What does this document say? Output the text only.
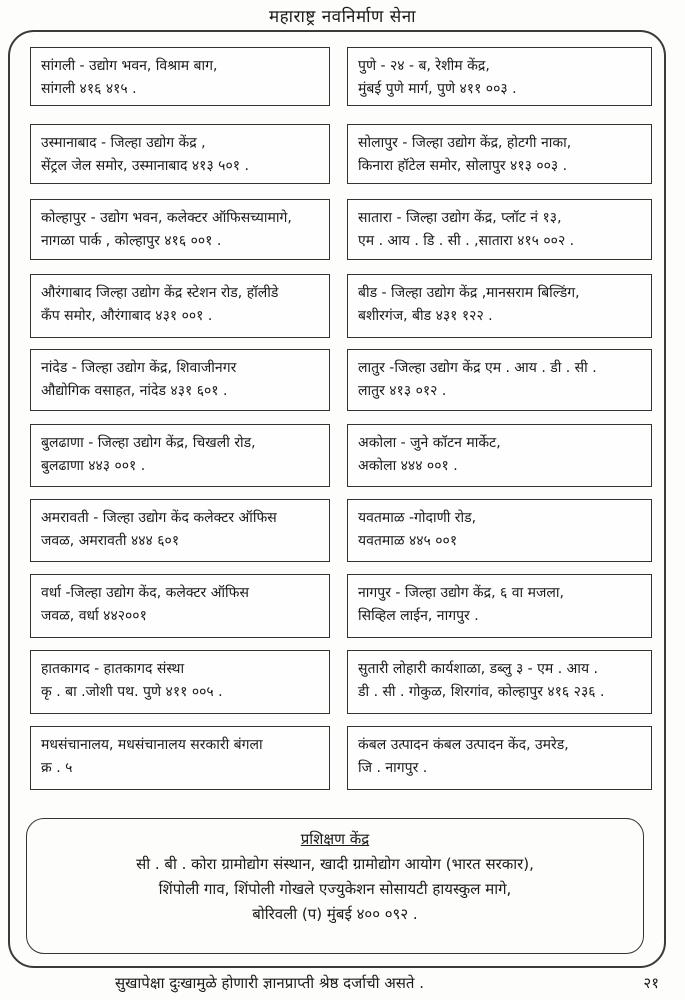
महाराष्ट्र नवनिर्माण सेना
सांगली - उद्योग भवन, विश्राम बाग,
सांगली ४१६ ४१५ .
उस्मानाबाद - जिल्हा उद्योग केंद्र ,
सेंट्रल जेल समोर, उस्मानाबाद ४१३ ५०१ .
कोल्हापुर - उद्योग भवन, कलेक्टर ऑफिसच्यामागे,
नागळा पार्क , कोल्हापुर ४१६ ००१ .
औरंगाबाद जिल्हा उद्योग केंद्र स्टेशन रोड, हॉलीडे
कँप समोर, औरंगाबाद ४३१ ००१ .
नांदेड - जिल्हा उद्योग केंद्र, शिवाजीनगर
औद्योगिक वसाहत, नांदेड ४३१ ६०१ .
बुलढाणा - जिल्हा उद्योग केंद्र, चिखली रोड,
बुलढाणा ४४३ ००१ .
अमरावती - जिल्हा उद्योग केंद कलेक्टर ऑफिस
जवळ, अमरावती ४४४ ६०१
वर्धा -जिल्हा उद्योग केंद, कलेक्टर ऑफिस
जवळ, वर्धा ४४२००१
हातकागद - हातकागद संस्था
कृ . बा .जोशी पथ. पुणे ४११ ००५ .
मधसंचानालय, मधसंचानालय सरकारी बंगला
क्र . ५
पुणे - २४ - ब, रेशीम केंद्र,
मुंबई पुणे मार्ग, पुणे ४११ ००३ .
सोलापुर - जिल्हा उद्योग केंद्र, होटगी नाका,
किनारा हॉटेल समोर, सोलापुर ४१३ ००३ .
सातारा - जिल्हा उद्योग केंद्र, प्लॉट नं १३,
एम . आय . डि . सी . ,सातारा ४१५ ००२ .
बीड - जिल्हा उद्योग केंद्र ,मानसराम बिल्डिंग,
बशीरगंज, बीड ४३१ १२२ .
लातुर -जिल्हा उद्योग केंद्र एम . आय . डी . सी .
लातुर ४१३ ०१२ .
अकोला - जुने कॉटन मार्केट,
अकोला ४४४ ००१ .
यवतमाळ -गोदाणी रोड,
यवतमाळ ४४५ ००१
नागपुर - जिल्हा उद्योग केंद्र, ६ वा मजला,
सिव्हिल लाईन, नागपुर .
सुतारी लोहारी कार्यशाळा, डब्लु ३ - एम . आय .
डी . सी . गोकुळ, शिरगांव, कोल्हापुर ४१६ २३६ .
कंबल उत्पादन कंबल उत्पादन केंद, उमरेड,
जि . नागपुर .
प्रशिक्षण केंद्र
सी . बी . कोरा ग्रामोद्योग संस्थान, खादी ग्रामोद्योग आयोग (भारत सरकार),
शिंपोली गाव, शिंपोली गोखले एज्युकेशन सोसायटी हायस्कुल मागे,
बोरिवली (प) मुंबई ४०० ०९२ .
सुखापेक्षा दुःखामुळे होणारी ज्ञानप्राप्ती श्रेष्ठ दर्जाची असते .	२१
